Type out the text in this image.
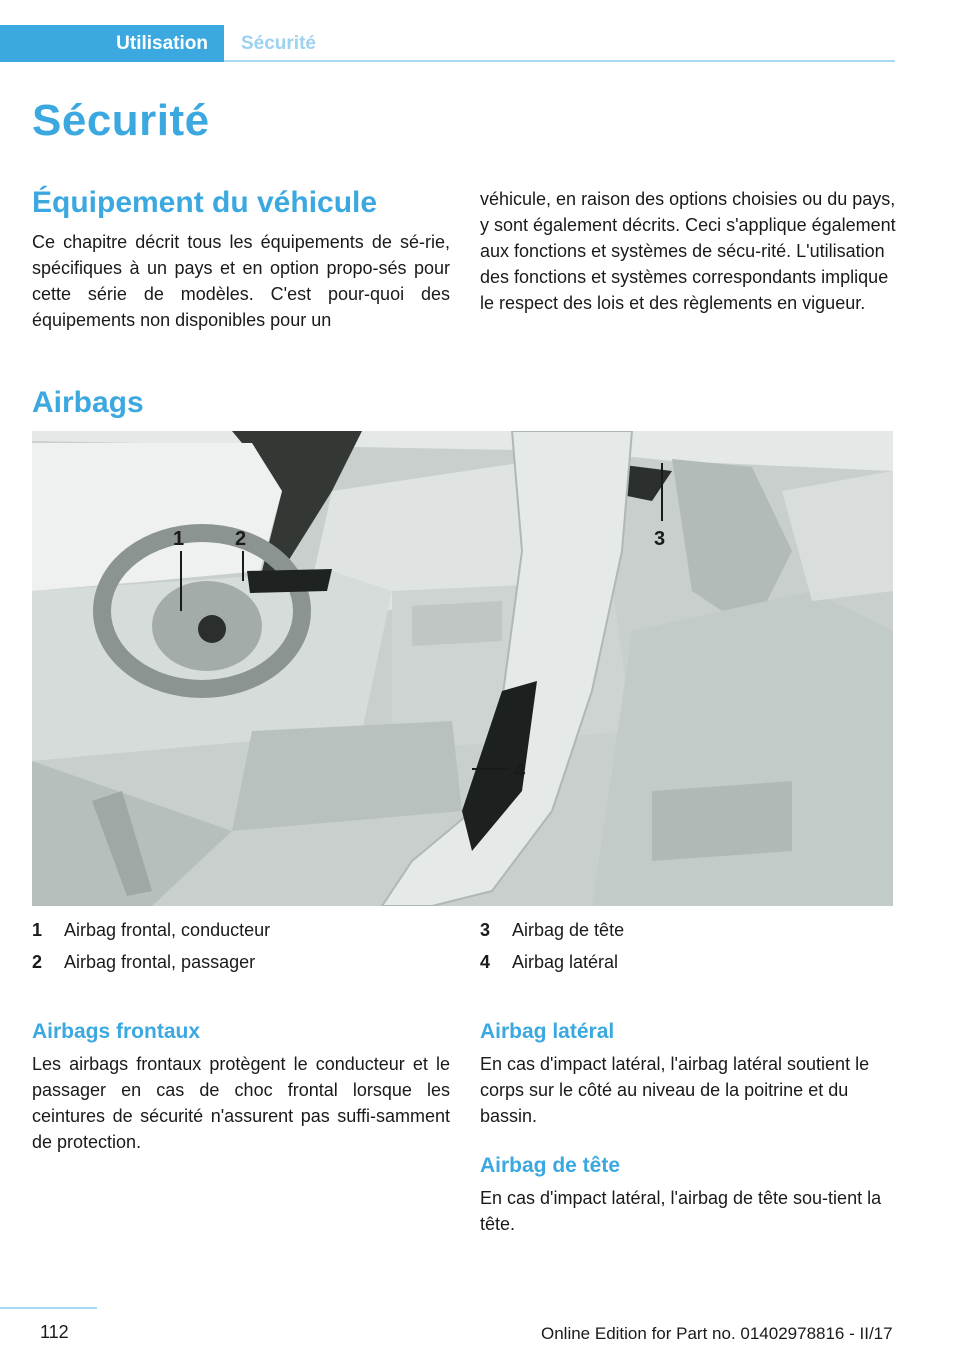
Utilisation Sécurité
Sécurité
Équipement du véhicule

Ce chapitre décrit tous les équipements de sé‐rie, spécifiques à un pays et en option propo‐sés pour cette série de modèles. C'est pour‐quoi des équipements non disponibles pour un

véhicule, en raison des options choisies ou du pays, y sont également décrits. Ceci s'applique également aux fonctions et systèmes de sécu‐rité. L'utilisation des fonctions et systèmes correspondants implique le respect des lois et des règlements en vigueur.

Airbags
1	2	3
4
1	Airbag frontal, conducteur
2	Airbag frontal, passager
3	Airbag de tête
4	Airbag latéral
Airbags frontaux

Les airbags frontaux protègent le conducteur et le passager en cas de choc frontal lorsque les ceintures de sécurité n'assurent pas suffi‐samment de protection.

Airbag latéral

En cas d'impact latéral, l'airbag latéral soutient le corps sur le côté au niveau de la poitrine et du bassin.

Airbag de tête

En cas d'impact latéral, l'airbag de tête sou‐tient la tête.

112	Online Edition for Part no. 01402978816 - II/17
